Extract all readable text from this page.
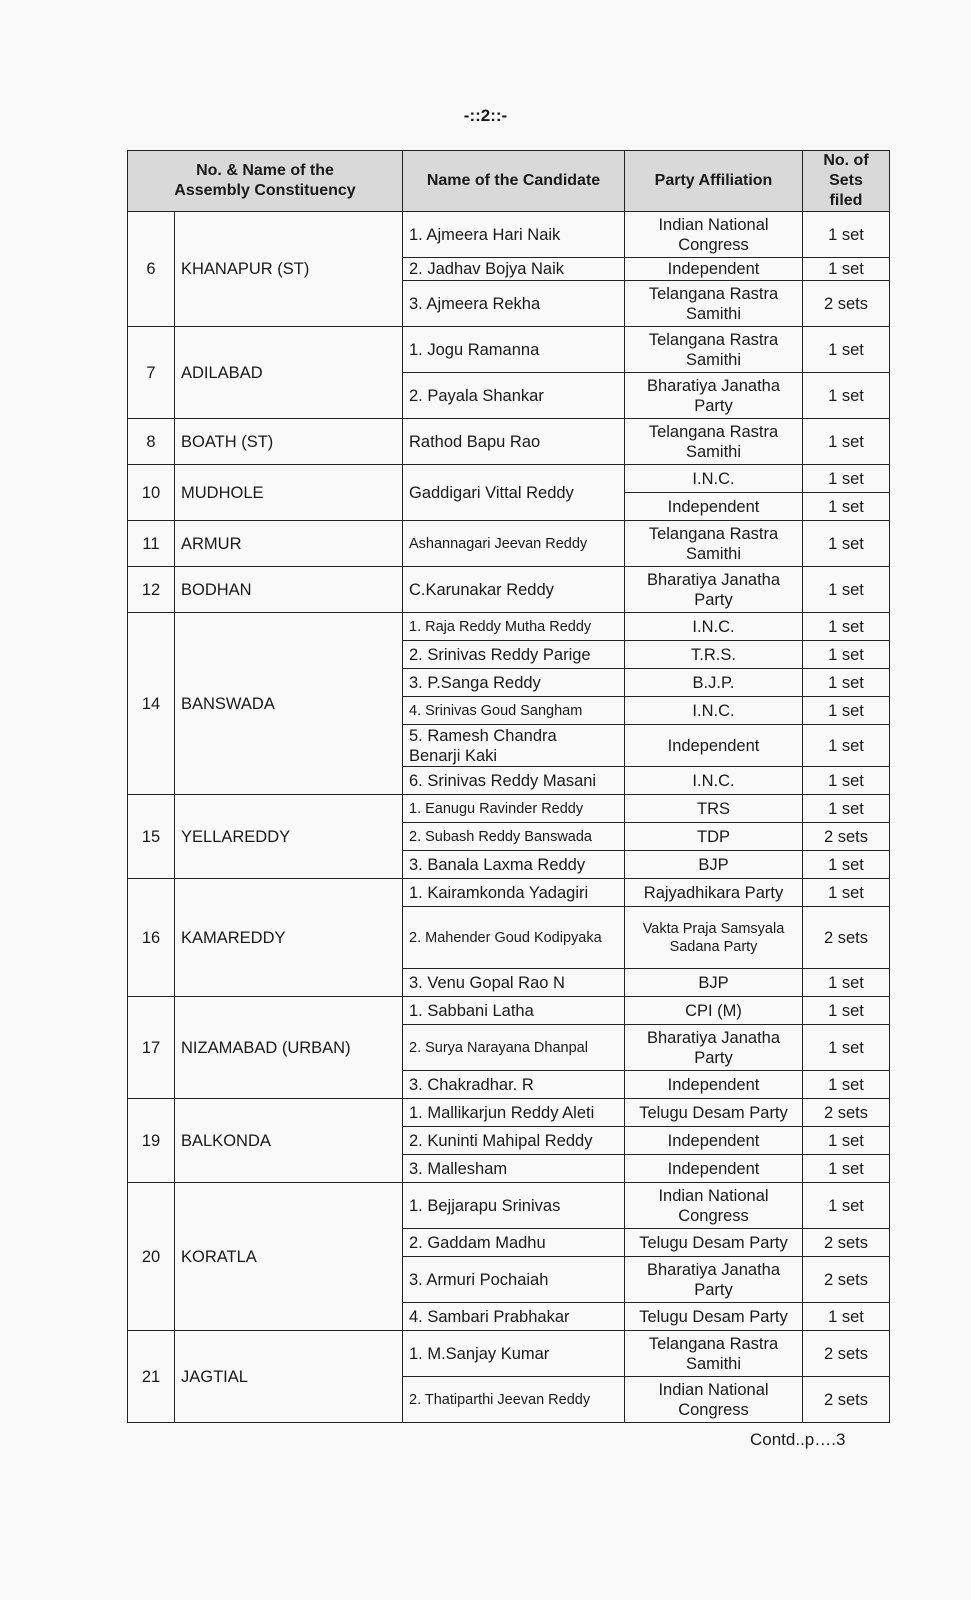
-::2::-
No. & Name of the Assembly Constituency		Name of the Candidate	Party Affiliation	No. of Sets filed
6	KHANAPUR (ST)	1. Ajmeera Hari Naik	Indian National Congress	1 set
		2. Jadhav Bojya Naik	Independent	1 set
		3. Ajmeera Rekha	Telangana Rastra Samithi	2 sets
7	ADILABAD	1. Jogu Ramanna	Telangana Rastra Samithi	1 set
		2. Payala Shankar	Bharatiya Janatha Party	1 set
8	BOATH (ST)	Rathod Bapu Rao	Telangana Rastra Samithi	1 set
10	MUDHOLE	Gaddigari Vittal Reddy	I.N.C.	1 set
			Independent	1 set
11	ARMUR	Ashannagari Jeevan Reddy	Telangana Rastra Samithi	1 set
12	BODHAN	C.Karunakar Reddy	Bharatiya Janatha Party	1 set
14	BANSWADA	1. Raja Reddy Mutha Reddy	I.N.C.	1 set
		2. Srinivas Reddy Parige	T.R.S.	1 set
		3. P.Sanga Reddy	B.J.P.	1 set
		4. Srinivas Goud Sangham	I.N.C.	1 set
		5. Ramesh Chandra Benarji Kaki	Independent	1 set
		6. Srinivas Reddy Masani	I.N.C.	1 set
15	YELLAREDDY	1. Eanugu Ravinder Reddy	TRS	1 set
		2. Subash Reddy Banswada	TDP	2 sets
		3. Banala Laxma Reddy	BJP	1 set
16	KAMAREDDY	1. Kairamkonda Yadagiri	Rajyadhikara Party	1 set
		2. Mahender Goud Kodipyaka	Vakta Praja Samsyala Sadana Party	2 sets
		3. Venu Gopal Rao N	BJP	1 set
17	NIZAMABAD (URBAN)	1. Sabbani Latha	CPI (M)	1 set
		2. Surya Narayana Dhanpal	Bharatiya Janatha Party	1 set
		3. Chakradhar. R	Independent	1 set
19	BALKONDA	1. Mallikarjun Reddy Aleti	Telugu Desam Party	2 sets
		2. Kuninti Mahipal Reddy	Independent	1 set
		3. Mallesham	Independent	1 set
20	KORATLA	1. Bejjarapu Srinivas	Indian National Congress	1 set
		2. Gaddam Madhu	Telugu Desam Party	2 sets
		3. Armuri Pochaiah	Bharatiya Janatha Party	2 sets
		4. Sambari Prabhakar	Telugu Desam Party	1 set
21	JAGTIAL	1. M.Sanjay Kumar	Telangana Rastra Samithi	2 sets
		2. Thatiparthi Jeevan Reddy	Indian National Congress	2 sets
Contd..p….3
